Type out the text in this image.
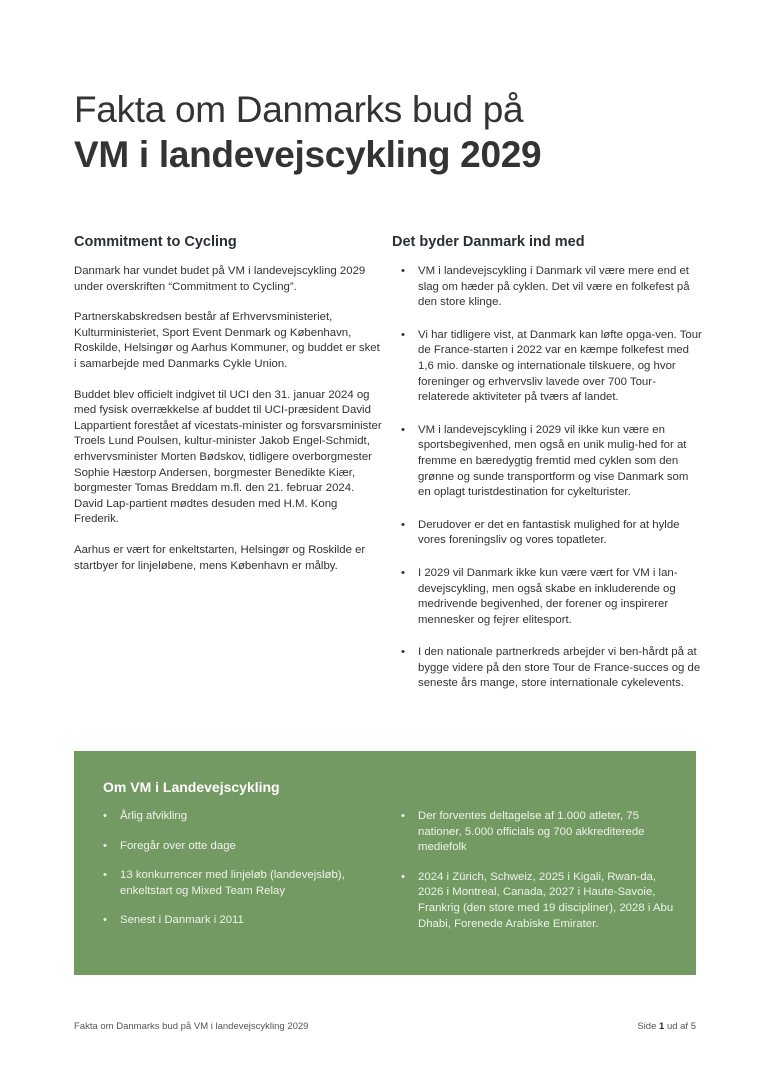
Fakta om Danmarks bud på
VM i landevejscykling 2029
Commitment to Cycling

Danmark har vundet budet på VM i landevejscykling 2029 under overskriften “Commitment to Cycling”.

Partnerskabskredsen består af Erhvervsministeriet, Kulturministeriet, Sport Event Denmark og København, Roskilde, Helsingør og Aarhus Kommuner, og buddet er sket i samarbejde med Danmarks Cykle Union.

Buddet blev officielt indgivet til UCI den 31. januar 2024 og med fysisk overrækkelse af buddet til UCI-præsident David Lappartient forestået af vicestats-minister og forsvarsminister Troels Lund Poulsen, kultur-minister Jakob Engel-Schmidt, erhvervsminister Morten Bødskov, tidligere overborgmester Sophie Hæstorp Andersen, borgmester Benedikte Kiær, borgmester Tomas Breddam m.fl. den 21. februar 2024. David Lap-partient mødtes desuden med H.M. Kong Frederik.

Aarhus er vært for enkeltstarten, Helsingør og Roskilde er startbyer for linjeløbene, mens København er målby.

Det byder Danmark ind med
• VM i landevejscykling i Danmark vil være mere end et slag om hæder på cyklen. Det vil være en folkefest på den store klinge.
• Vi har tidligere vist, at Danmark kan løfte opga-ven. Tour de France-starten i 2022 var en kæmpe folkefest med 1,6 mio. danske og internationale tilskuere, og hvor foreninger og erhvervsliv lavede over 700 Tour-relaterede aktiviteter på tværs af landet.
• VM i landevejscykling i 2029 vil ikke kun være en sportsbegivenhed, men også en unik mulig-hed for at fremme en bæredygtig fremtid med cyklen som den grønne og sunde transportform og vise Danmark som en oplagt turistdestination for cykelturister.
• Derudover er det en fantastisk mulighed for at hylde vores foreningsliv og vores topatleter.
• I 2029 vil Danmark ikke kun være vært for VM i lan-devejscykling, men også skabe en inkluderende og medrivende begivenhed, der forener og inspirerer mennesker og fejrer elitesport.
• I den nationale partnerkreds arbejder vi ben-hårdt på at bygge videre på den store Tour de France-succes og de seneste års mange, store internationale cykelevents.
Om VM i Landevejscykling
• Årlig afvikling
• Foregår over otte dage
• 13 konkurrencer med linjeløb (landevejsløb), enkeltstart og Mixed Team Relay
• Senest i Danmark i 2011
• Der forventes deltagelse af 1.000 atleter, 75 nationer, 5.000 officials og 700 akkrediterede mediefolk
• 2024 i Zürich, Schweiz, 2025 i Kigali, Rwan-da, 2026 i Montreal, Canada, 2027 i Haute-Savoie, Frankrig (den store med 19 discipliner), 2028 i Abu Dhabi, Forenede Arabiske Emirater.
Fakta om Danmarks bud på VM i landevejscykling 2029	Side 1 ud af 5
